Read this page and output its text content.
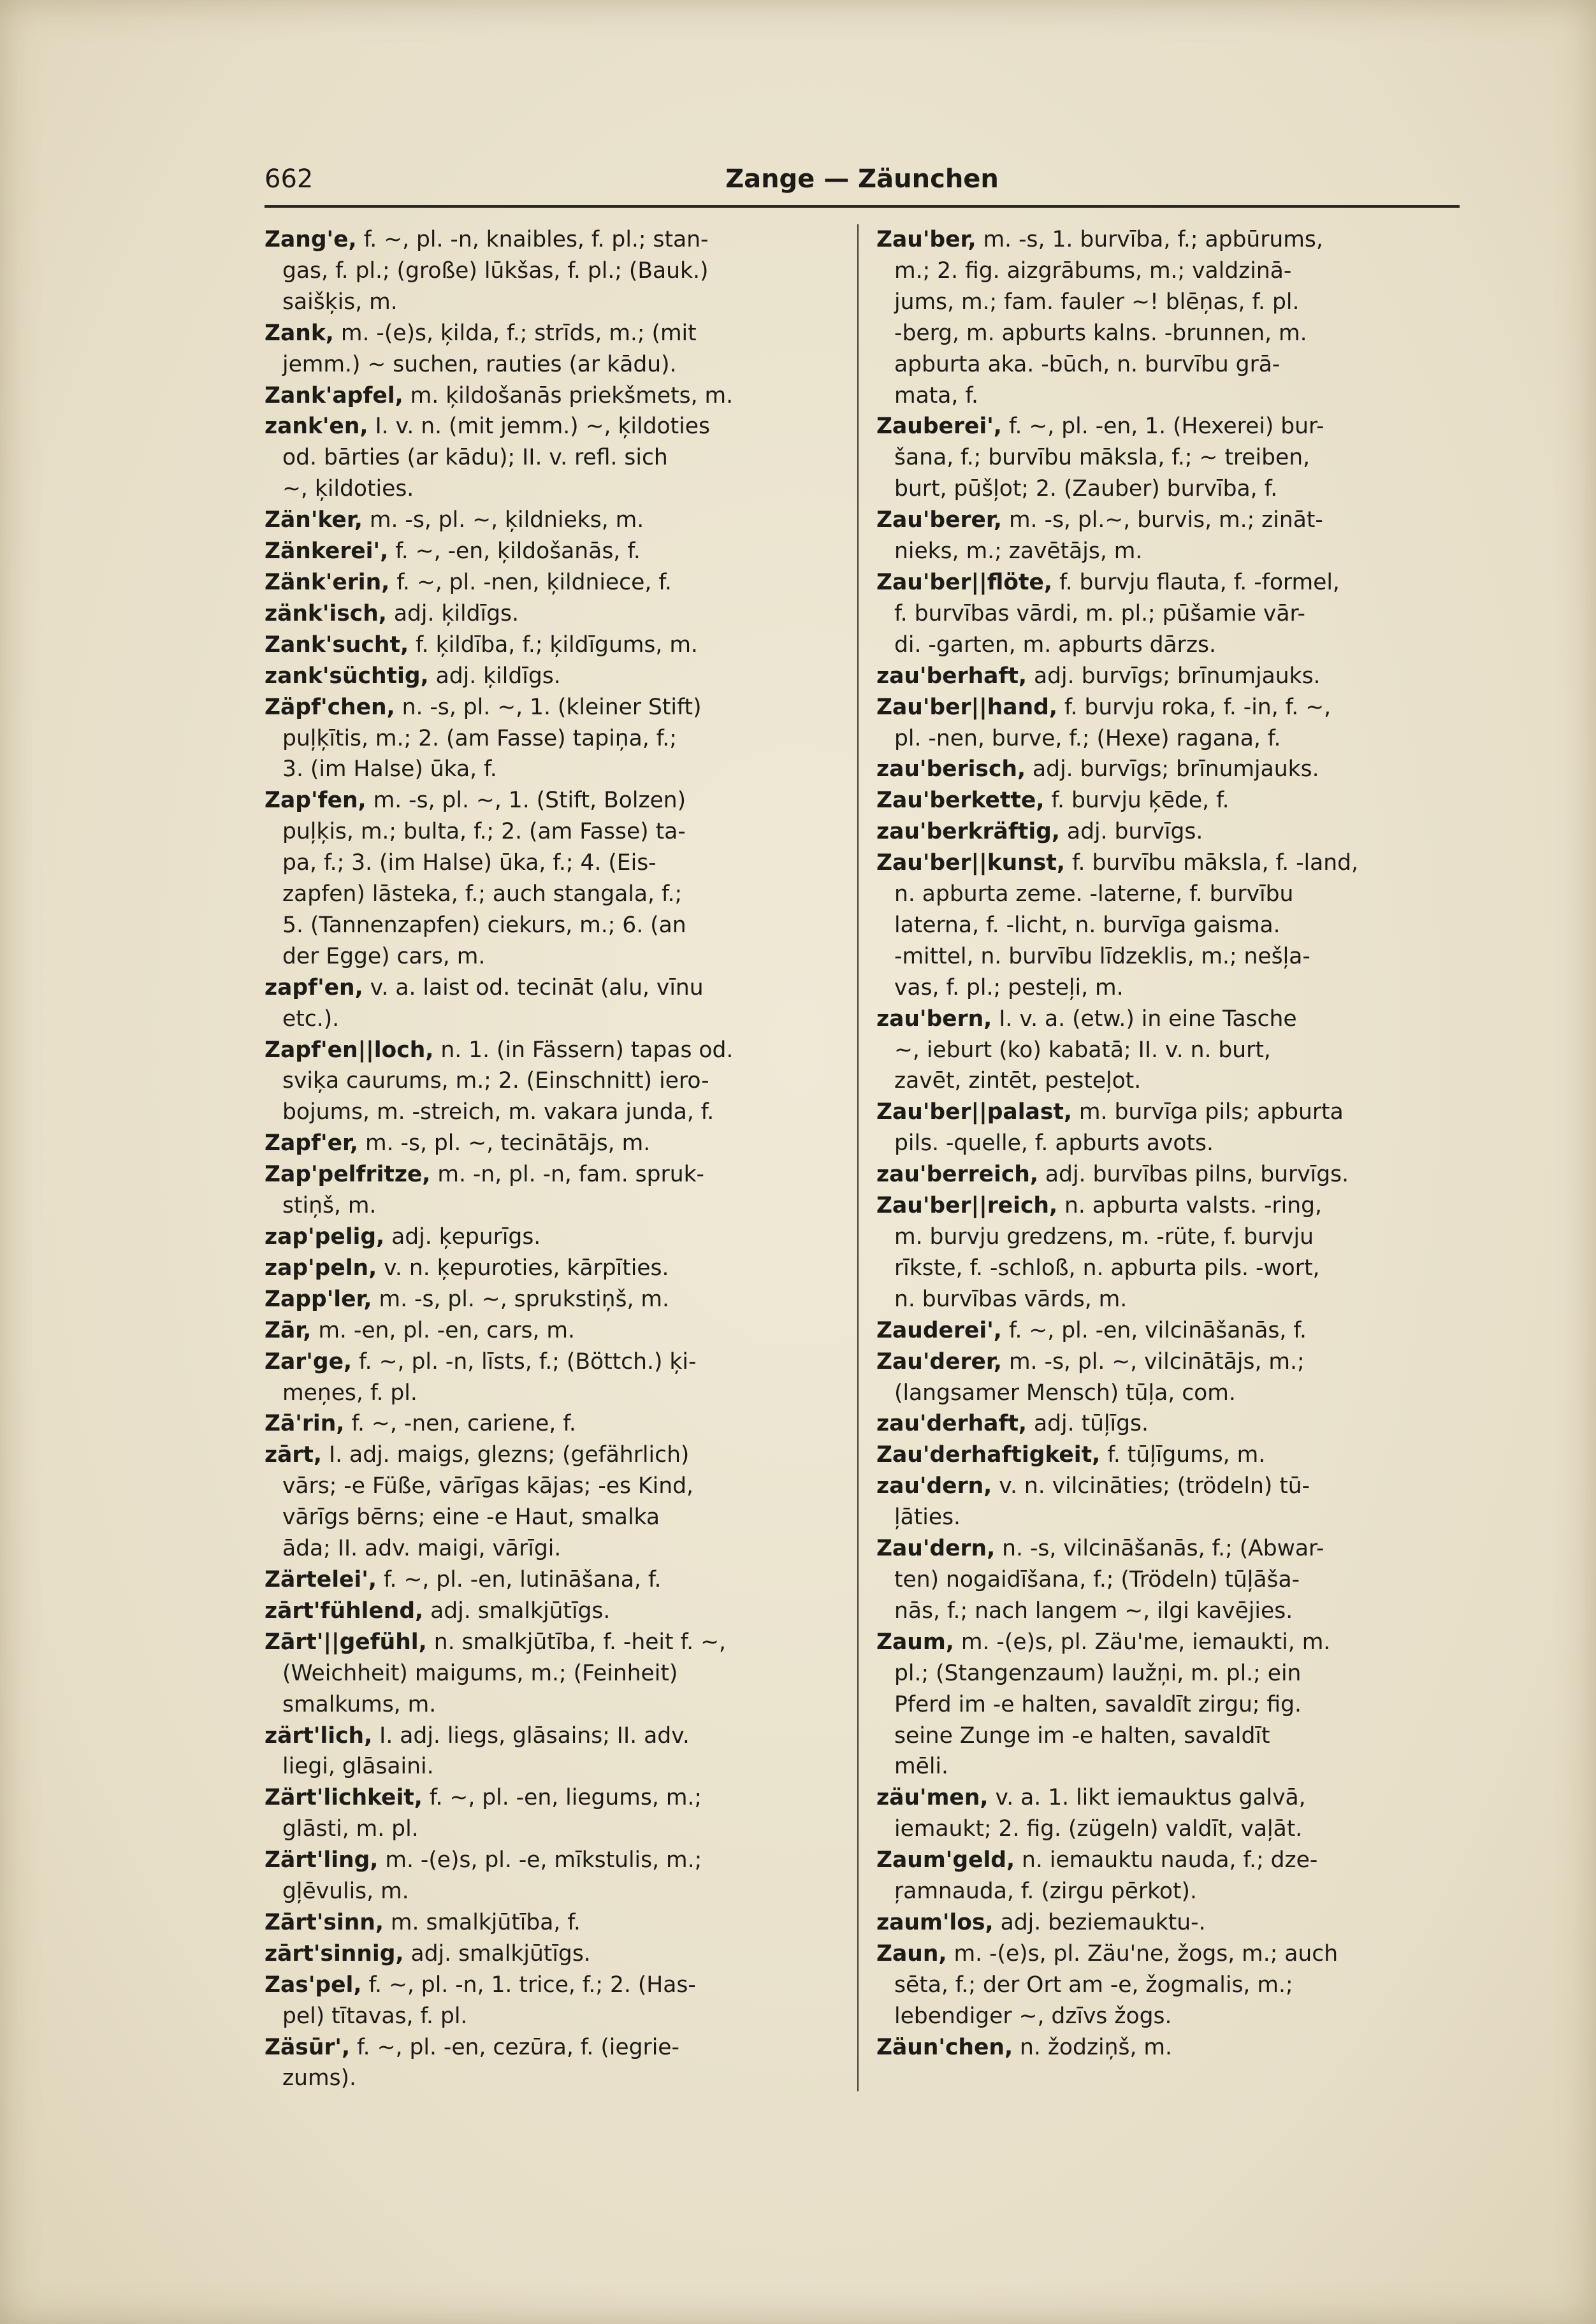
662	Zange — Zäunchen
Zang'e, f. ~, pl. -n, knaibles, f. pl.; stan-
gas, f. pl.; (große) lūkšas, f. pl.; (Bauk.)
saišķis, m.
Zank, m. -(e)s, ķilda, f.; strīds, m.; (mit
jemm.) ~ suchen, rauties (ar kādu).
Zank'apfel, m. ķildošanās priekšmets, m.
zank'en, I. v. n. (mit jemm.) ~, ķildoties
od. bārties (ar kādu); II. v. refl. sich
~, ķildoties.
Zän'ker, m. -s, pl. ~, ķildnieks, m.
Zänkerei', f. ~, -en, ķildošanās, f.
Zänk'erin, f. ~, pl. -nen, ķildniece, f.
zänk'isch, adj. ķildīgs.
Zank'sucht, f. ķildība, f.; ķildīgums, m.
zank'süchtig, adj. ķildīgs.
Zäpf'chen, n. -s, pl. ~, 1. (kleiner Stift)
puļķītis, m.; 2. (am Fasse) tapiņa, f.;
3. (im Halse) ūka, f.
Zap'fen, m. -s, pl. ~, 1. (Stift, Bolzen)
puļķis, m.; bulta, f.; 2. (am Fasse) ta-
pa, f.; 3. (im Halse) ūka, f.; 4. (Eis-
zapfen) lāsteka, f.; auch stangala, f.;
5. (Tannenzapfen) ciekurs, m.; 6. (an
der Egge) cars, m.
zapf'en, v. a. laist od. tecināt (alu, vīnu
etc.).
Zapf'en||loch, n. 1. (in Fässern) tapas od.
sviķa caurums, m.; 2. (Einschnitt) iero-
bojums, m. -streich, m. vakara junda, f.
Zapf'er, m. -s, pl. ~, tecinātājs, m.
Zap'pelfritze, m. -n, pl. -n, fam. spruk-
stiņš, m.
zap'pelig, adj. ķepurīgs.
zap'peln, v. n. ķepuroties, kārpīties.
Zapp'ler, m. -s, pl. ~, sprukstiņš, m.
Zār, m. -en, pl. -en, cars, m.
Zar'ge, f. ~, pl. -n, līsts, f.; (Böttch.) ķi-
meņes, f. pl.
Zā'rin, f. ~, -nen, cariene, f.
zārt, I. adj. maigs, glezns; (gefährlich)
vārs; -e Füße, vārīgas kājas; -es Kind,
vārīgs bērns; eine -e Haut, smalka
āda; II. adv. maigi, vārīgi.
Zärtelei', f. ~, pl. -en, lutināšana, f.
zārt'fühlend, adj. smalkjūtīgs.
Zārt'||gefühl, n. smalkjūtība, f. -heit f. ~,
(Weichheit) maigums, m.; (Feinheit)
smalkums, m.
zärt'lich, I. adj. liegs, glāsains; II. adv.
liegi, glāsaini.
Zärt'lichkeit, f. ~, pl. -en, liegums, m.;
glāsti, m. pl.
Zärt'ling, m. -(e)s, pl. -e, mīkstulis, m.;
gļēvulis, m.
Zārt'sinn, m. smalkjūtība, f.
zārt'sinnig, adj. smalkjūtīgs.
Zas'pel, f. ~, pl. -n, 1. trice, f.; 2. (Has-
pel) tītavas, f. pl.
Zäsūr', f. ~, pl. -en, cezūra, f. (iegrie-
zums).
Zau'ber, m. -s, 1. burvība, f.; apbūrums,
m.; 2. fig. aizgrābums, m.; valdzinā-
jums, m.; fam. fauler ~! blēņas, f. pl.
-berg, m. apburts kalns. -brunnen, m.
apburta aka. -būch, n. burvību grā-
mata, f.
Zauberei', f. ~, pl. -en, 1. (Hexerei) bur-
šana, f.; burvību māksla, f.; ~ treiben,
burt, pūšļot; 2. (Zauber) burvība, f.
Zau'berer, m. -s, pl.~, burvis, m.; zināt-
nieks, m.; zavētājs, m.
Zau'ber||flöte, f. burvju flauta, f. -formel,
f. burvības vārdi, m. pl.; pūšamie vār-
di. -garten, m. apburts dārzs.
zau'berhaft, adj. burvīgs; brīnumjauks.
Zau'ber||hand, f. burvju roka, f. -in, f. ~,
pl. -nen, burve, f.; (Hexe) ragana, f.
zau'berisch, adj. burvīgs; brīnumjauks.
Zau'berkette, f. burvju ķēde, f.
zau'berkräftig, adj. burvīgs.
Zau'ber||kunst, f. burvību māksla, f. -land,
n. apburta zeme. -laterne, f. burvību
laterna, f. -licht, n. burvīga gaisma.
-mittel, n. burvību līdzeklis, m.; nešļa-
vas, f. pl.; pesteļi, m.
zau'bern, I. v. a. (etw.) in eine Tasche
~, ieburt (ko) kabatā; II. v. n. burt,
zavēt, zintēt, pesteļot.
Zau'ber||palast, m. burvīga pils; apburta
pils. -quelle, f. apburts avots.
zau'berreich, adj. burvības pilns, burvīgs.
Zau'ber||reich, n. apburta valsts. -ring,
m. burvju gredzens, m. -rüte, f. burvju
rīkste, f. -schloß, n. apburta pils. -wort,
n. burvības vārds, m.
Zauderei', f. ~, pl. -en, vilcināšanās, f.
Zau'derer, m. -s, pl. ~, vilcinātājs, m.;
(langsamer Mensch) tūļa, com.
zau'derhaft, adj. tūļīgs.
Zau'derhaftigkeit, f. tūļīgums, m.
zau'dern, v. n. vilcināties; (trödeln) tū-
ļāties.
Zau'dern, n. -s, vilcināšanās, f.; (Abwar-
ten) nogaidīšana, f.; (Trödeln) tūļāša-
nās, f.; nach langem ~, ilgi kavējies.
Zaum, m. -(e)s, pl. Zäu'me, iemaukti, m.
pl.; (Stangenzaum) laužņi, m. pl.; ein
Pferd im -e halten, savaldīt zirgu; fig.
seine Zunge im -e halten, savaldīt
mēli.
zäu'men, v. a. 1. likt iemauktus galvā,
iemaukt; 2. fig. (zügeln) valdīt, vaļāt.
Zaum'geld, n. iemauktu nauda, f.; dze-
ŗamnauda, f. (zirgu pērkot).
zaum'los, adj. beziemauktu-.
Zaun, m. -(e)s, pl. Zäu'ne, žogs, m.; auch
sēta, f.; der Ort am -e, žogmalis, m.;
lebendiger ~, dzīvs žogs.
Zäun'chen, n. žodziņš, m.
